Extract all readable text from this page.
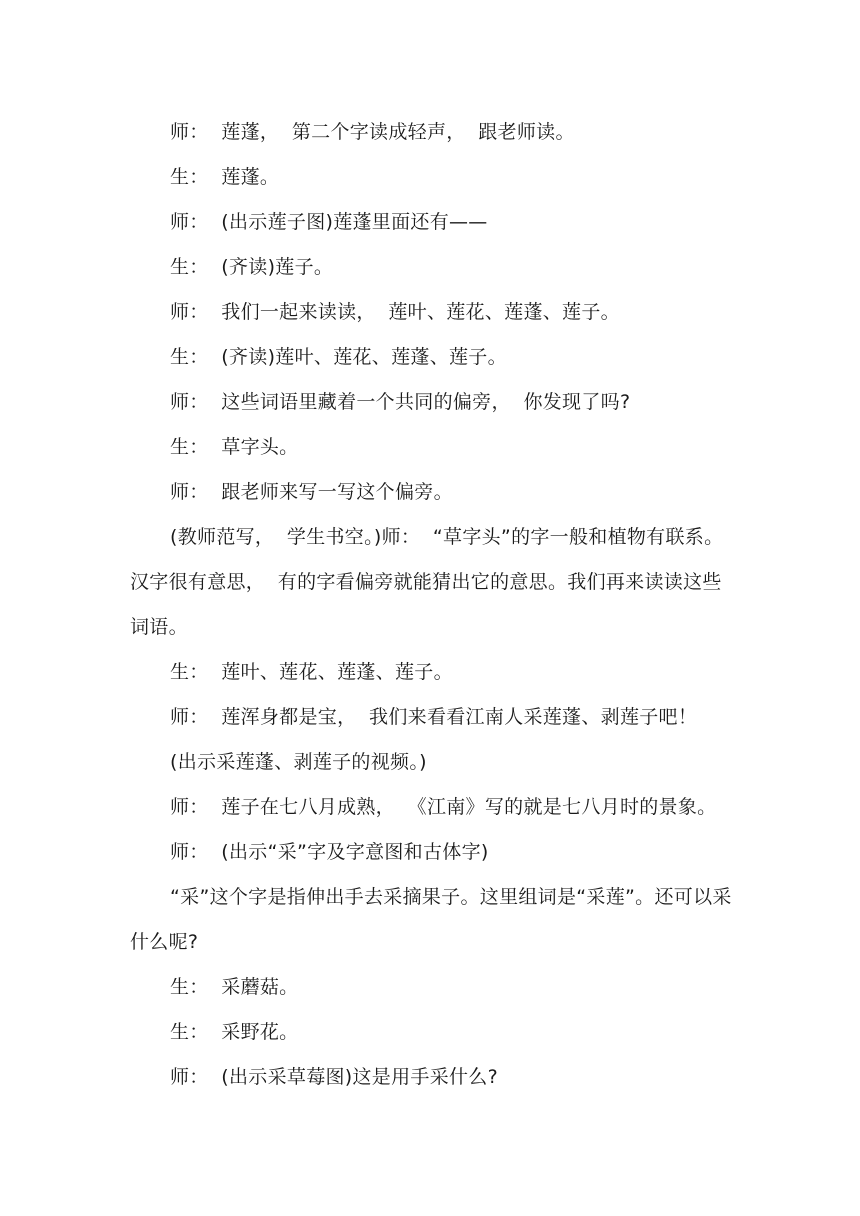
师：  莲蓬，  第二个字读成轻声，  跟老师读。

生：  莲蓬。

师：  (出示莲子图)莲蓬里面还有——

生：  (齐读)莲子。

师：  我们一起来读读，  莲叶、莲花、莲蓬、莲子。

生：  (齐读)莲叶、莲花、莲蓬、莲子。

师：  这些词语里藏着一个共同的偏旁，  你发现了吗?

生：  草字头。

师：  跟老师来写一写这个偏旁。

(教师范写，  学生书空。)师：  “草字头”的字一般和植物有联系。汉字很有意思，  有的字看偏旁就能猜出它的意思。我们再来读读这些词语。

生：  莲叶、莲花、莲蓬、莲子。

师：  莲浑身都是宝，  我们来看看江南人采莲蓬、剥莲子吧！

(出示采莲蓬、剥莲子的视频。)

师：  莲子在七八月成熟，  《江南》写的就是七八月时的景象。

师：  (出示“采”字及字意图和古体字)

“采”这个字是指伸出手去采摘果子。这里组词是“采莲”。还可以采什么呢?

生：  采蘑菇。

生：  采野花。

师：  (出示采草莓图)这是用手采什么?
